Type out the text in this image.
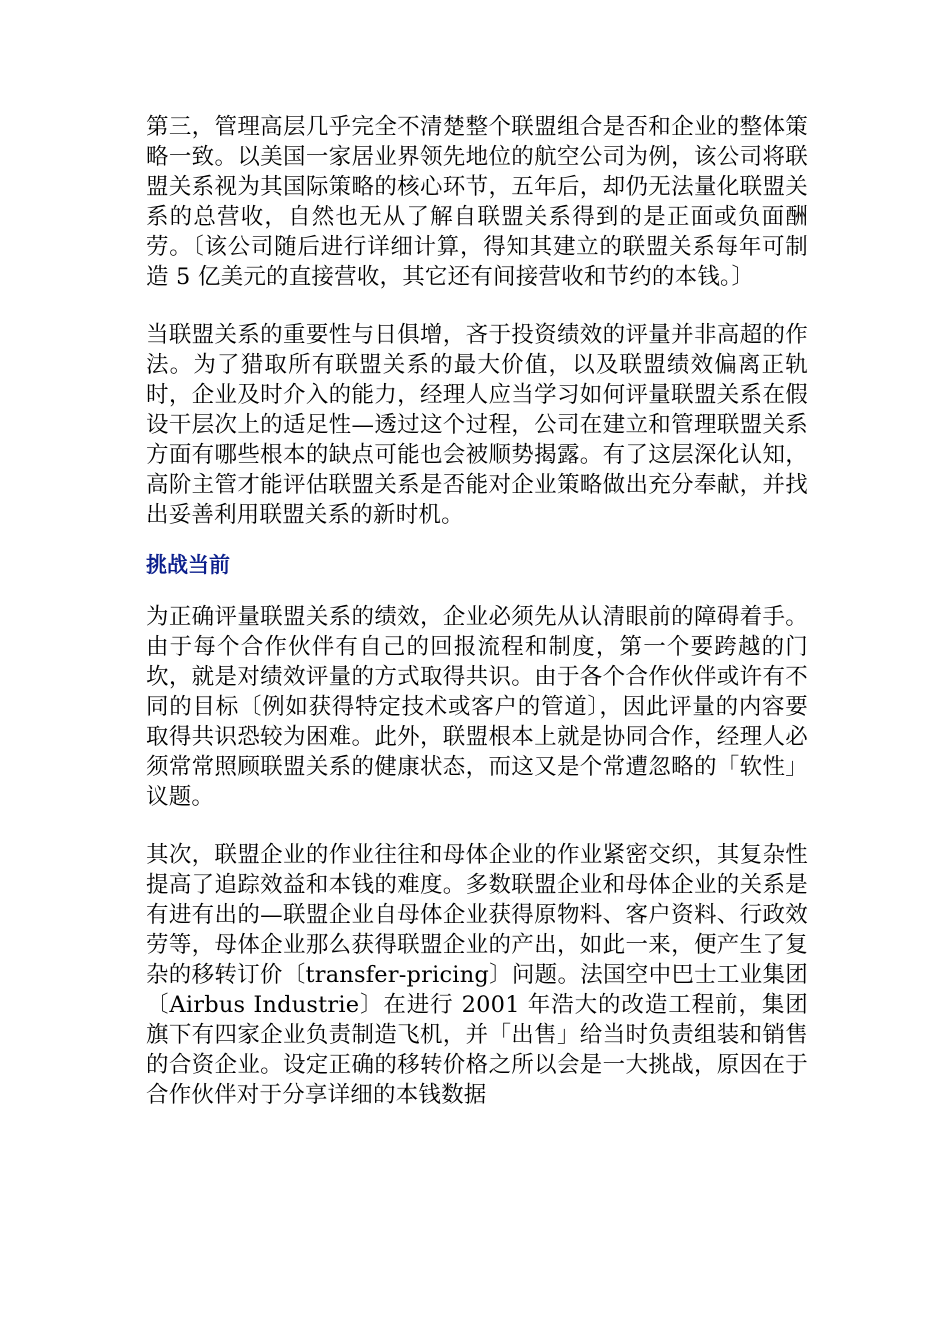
第三，管理高层几乎完全不清楚整个联盟组合是否和企业的整体策略一致。以美国一家居业界领先地位的航空公司为例，该公司将联盟关系视为其国际策略的核心环节，五年后，却仍无法量化联盟关系的总营收，自然也无从了解自联盟关系得到的是正面或负面酬劳。〔该公司随后进行详细计算，得知其建立的联盟关系每年可制造 5 亿美元的直接营收，其它还有间接营收和节约的本钱。〕

当联盟关系的重要性与日俱增，吝于投资绩效的评量并非高超的作法。为了猎取所有联盟关系的最大价值，以及联盟绩效偏离正轨时，企业及时介入的能力，经理人应当学习如何评量联盟关系在假设干层次上的适足性—透过这个过程，公司在建立和管理联盟关系方面有哪些根本的缺点可能也会被顺势揭露。有了这层深化认知，高阶主管才能评估联盟关系是否能对企业策略做出充分奉献，并找出妥善利用联盟关系的新时机。

挑战当前

为正确评量联盟关系的绩效，企业必须先从认清眼前的障碍着手。由于每个合作伙伴有自己的回报流程和制度，第一个要跨越的门坎，就是对绩效评量的方式取得共识。由于各个合作伙伴或许有不同的目标〔例如获得特定技术或客户的管道〕，因此评量的内容要取得共识恐较为困难。此外，联盟根本上就是协同合作，经理人必须常常照顾联盟关系的健康状态，而这又是个常遭忽略的「软性」议题。

其次，联盟企业的作业往往和母体企业的作业紧密交织，其复杂性提高了追踪效益和本钱的难度。多数联盟企业和母体企业的关系是有进有出的—联盟企业自母体企业获得原物料、客户资料、行政效劳等，母体企业那么获得联盟企业的产出，如此一来，便产生了复杂的移转订价〔transfer-pricing〕问题。法国空中巴士工业集团〔Airbus Industrie〕在进行 2001 年浩大的改造工程前，集团旗下有四家企业负责制造飞机，并「出售」给当时负责组装和销售的合资企业。设定正确的移转价格之所以会是一大挑战，原因在于合作伙伴对于分享详细的本钱数据
